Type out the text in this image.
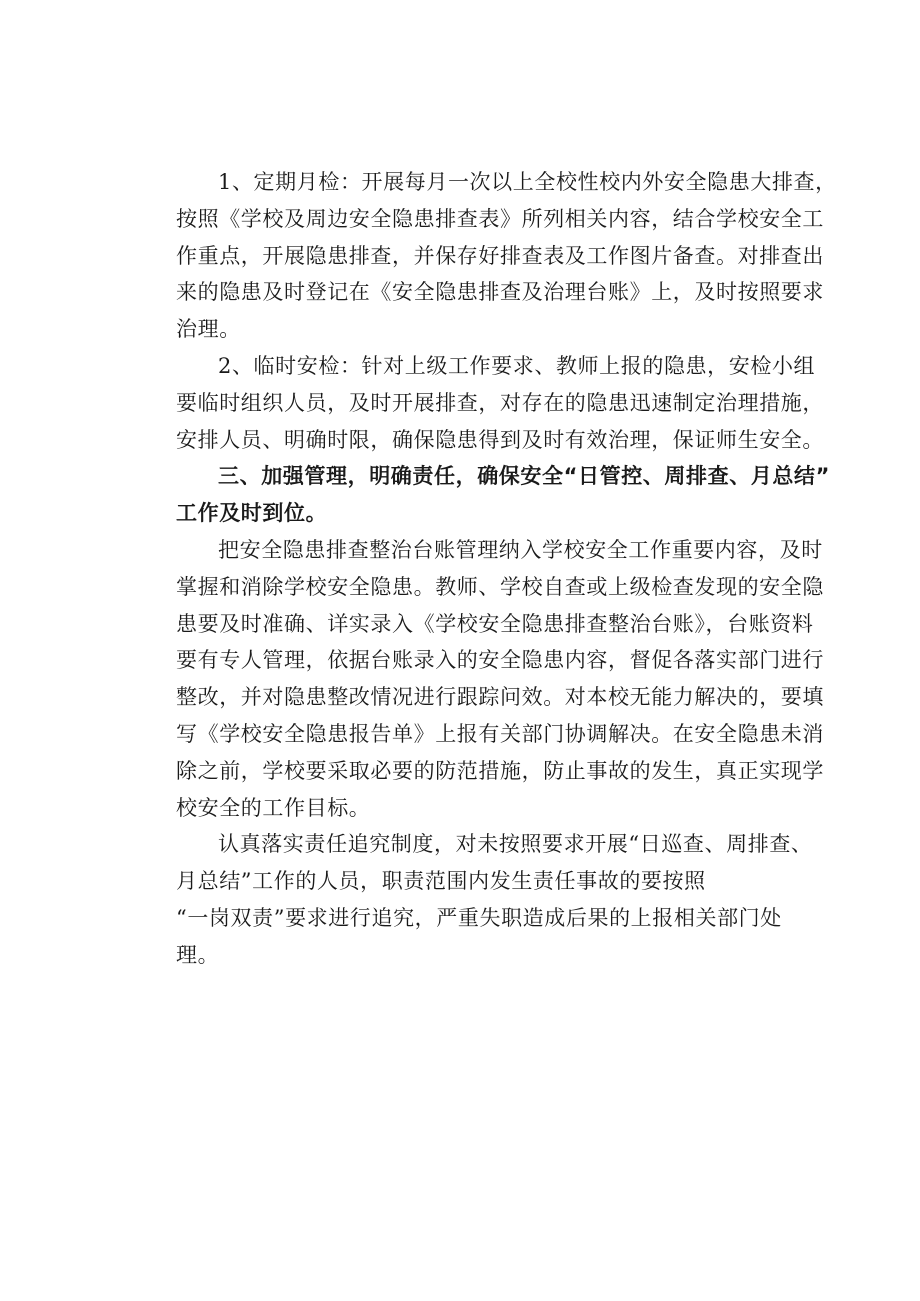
1、定期月检：开展每月一次以上全校性校内外安全隐患大排查，
按照《学校及周边安全隐患排查表》所列相关内容，结合学校安全工
作重点，开展隐患排查，并保存好排查表及工作图片备查。对排查出
来的隐患及时登记在《安全隐患排查及治理台账》上，及时按照要求
治理。

2、临时安检：针对上级工作要求、教师上报的隐患，安检小组
要临时组织人员，及时开展排查，对存在的隐患迅速制定治理措施，
安排人员、明确时限，确保隐患得到及时有效治理，保证师生安全。

三、加强管理，明确责任，确保安全“日管控、周排查、月总结”
工作及时到位。

把安全隐患排查整治台账管理纳入学校安全工作重要内容，及时
掌握和消除学校安全隐患。教师、学校自查或上级检查发现的安全隐
患要及时准确、详实录入《学校安全隐患排查整治台账》，台账资料
要有专人管理，依据台账录入的安全隐患内容，督促各落实部门进行
整改，并对隐患整改情况进行跟踪问效。对本校无能力解决的，要填
写《学校安全隐患报告单》上报有关部门协调解决。在安全隐患未消
除之前，学校要采取必要的防范措施，防止事故的发生，真正实现学
校安全的工作目标。

认真落实责任追究制度，对未按照要求开展“日巡查、周排查、
月总结”工作的人员，职责范围内发生责任事故的要按照
“一岗双责”要求进行追究，严重失职造成后果的上报相关部门处
理。
